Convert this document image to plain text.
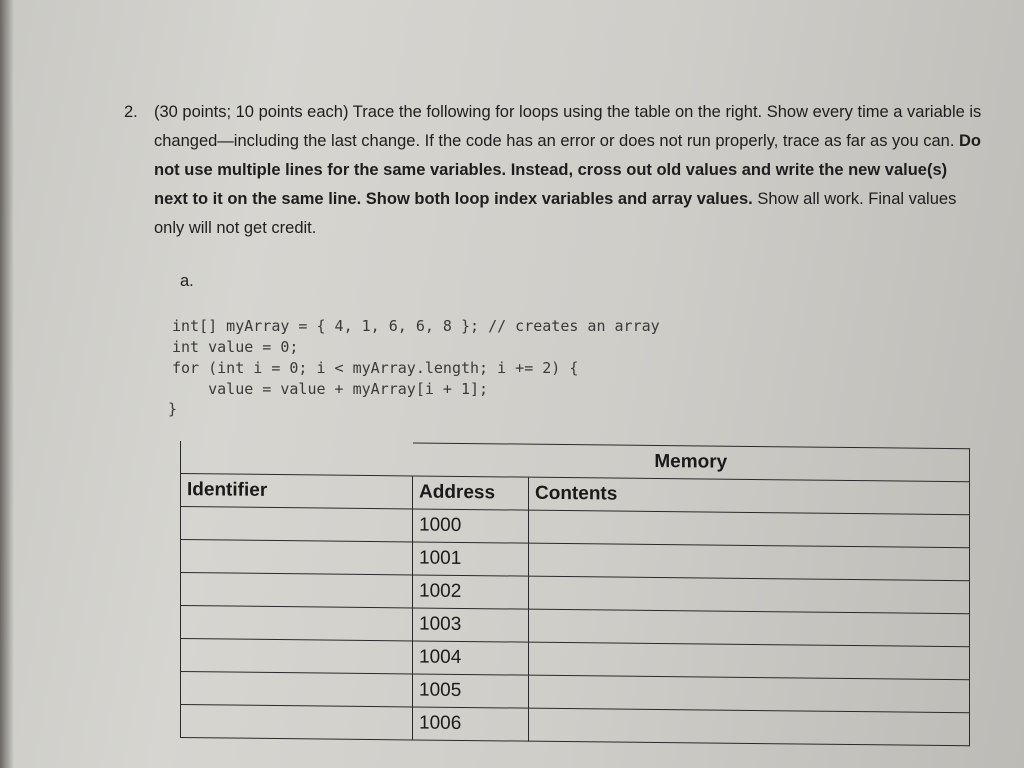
2. (30 points; 10 points each) Trace the following for loops using the table on the right. Show every time a variable is changed—including the last change. If the code has an error or does not run properly, trace as far as you can. Do not use multiple lines for the same variables. Instead, cross out old values and write the new value(s) next to it on the same line. Show both loop index variables and array values. Show all work. Final values only will not get credit.
a.
int[] myArray = { 4, 1, 6, 6, 8 }; // creates an array
int value = 0;
for (int i = 0; i < myArray.length; i += 2) {
value = value + myArray[i + 1];
}
	Memory	
Identifier	Address	Contents
	1000	
	1001	
	1002	
	1003	
	1004	
	1005	
	1006	
